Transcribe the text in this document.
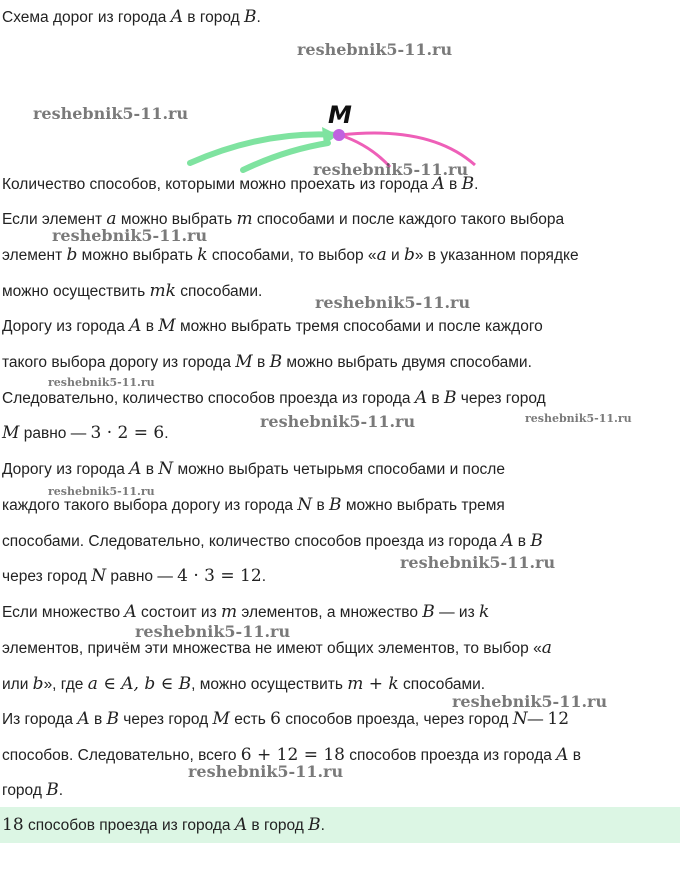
Схема дорог из города A в город B.
M
Количество способов, которыми можно проехать из города A в B.
Если элемент a можно выбрать m способами и после каждого такого выбора
элемент b можно выбрать k способами, то выбор «a и b» в указанном порядке
можно осуществить mk способами.
Дорогу из города A в M можно выбрать тремя способами и после каждого
такого выбора дорогу из города M в B можно выбрать двумя способами.
Следовательно, количество способов проезда из города A в B через город
M равно — 3 · 2 = 6.
Дорогу из города A в N можно выбрать четырьмя способами и после
каждого такого выбора дорогу из города N в B можно выбрать тремя
способами. Следовательно, количество способов проезда из города A в B
через город N равно — 4 · 3 = 12.
Если множество A состоит из m элементов, а множество B — из k
элементов, причём эти множества не имеют общих элементов, то выбор «a
или b», где a ∈ A, b ∈ B, можно осуществить m + k способами.
Из города A в B через город M есть 6 способов проезда, через город N— 12
способов. Следовательно, всего 6 + 12 = 18 способов проезда из города A в
город B.
18 способов проезда из города A в город B.
reshebnik5-11.ru
reshebnik5-11.ru
reshebnik5-11.ru
reshebnik5-11.ru
reshebnik5-11.ru
reshebnik5-11.ru
reshebnik5-11.ru	reshebnik5-11.ru
reshebnik5-11.ru
reshebnik5-11.ru
reshebnik5-11.ru
reshebnik5-11.ru
reshebnik5-11.ru
